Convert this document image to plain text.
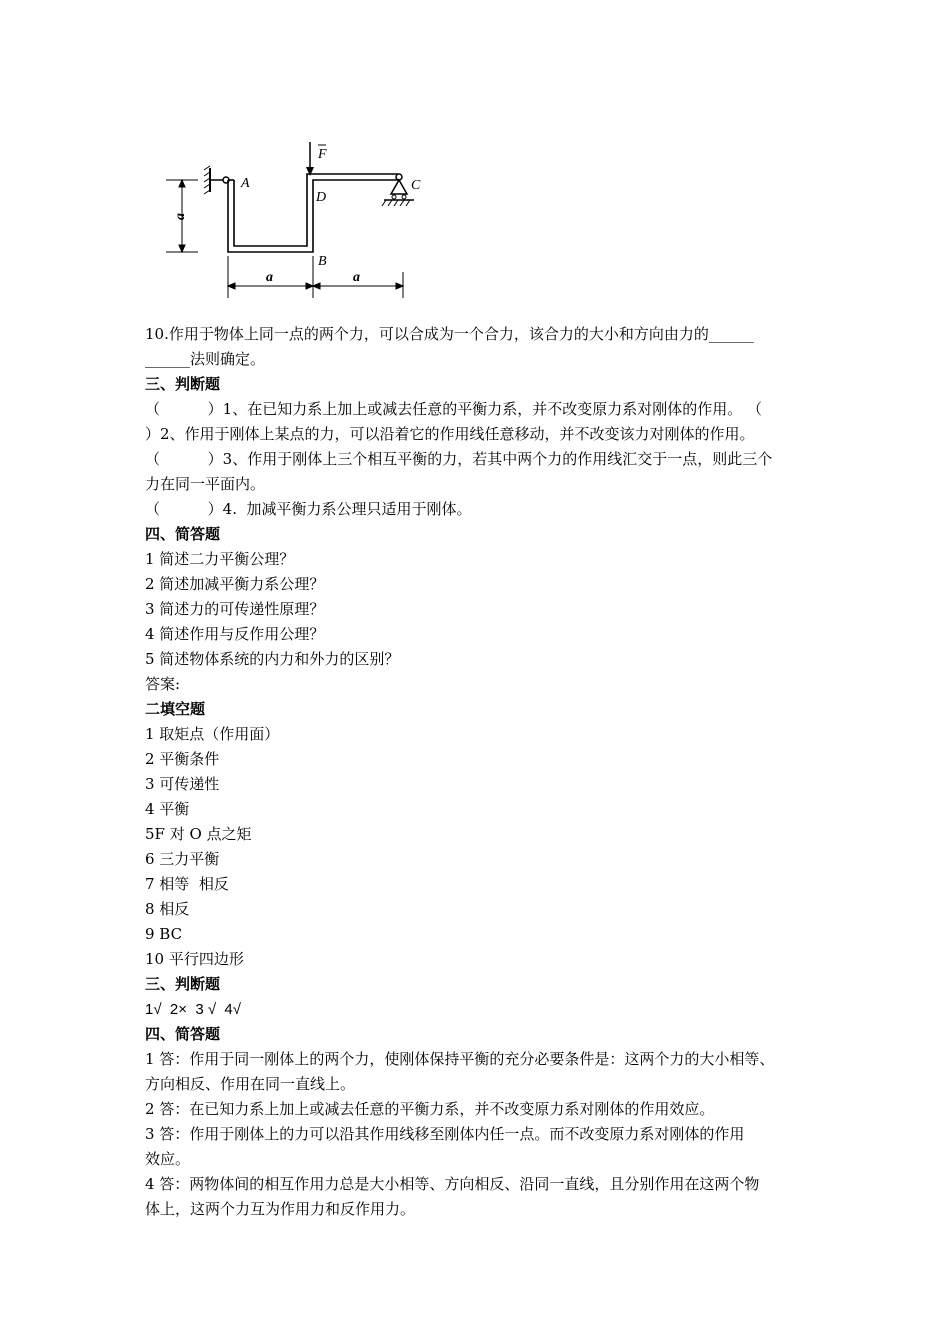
F
A
B
C
D
a
a	a
10.作用于物体上同一点的两个力，可以合成为一个合力，该合力的大小和方向由力的______
______法则确定。
三、判断题
（          ）1、在已知力系上加上或减去任意的平衡力系，并不改变原力系对刚体的作用。 （
）2、作用于刚体上某点的力，可以沿着它的作用线任意移动，并不改变该力对刚体的作用。
（          ）3、作用于刚体上三个相互平衡的力，若其中两个力的作用线汇交于一点，则此三个
力在同一平面内。
（          ）4.  加减平衡力系公理只适用于刚体。
四、简答题
1 简述二力平衡公理？
2 简述加减平衡力系公理？
3 简述力的可传递性原理？
4 简述作用与反作用公理？
5 简述物体系统的内力和外力的区别？
答案:
二填空题
1 取矩点（作用面）
2 平衡条件
3 可传递性
4 平衡
5F 对 O 点之矩
6 三力平衡
7 相等  相反
8 相反
9 BC
10 平行四边形
三、判断题
1√  2×  3 √  4√
四、简答题
1 答：作用于同一刚体上的两个力，使刚体保持平衡的充分必要条件是：这两个力的大小相等、
方向相反、作用在同一直线上。
2 答：在已知力系上加上或减去任意的平衡力系，并不改变原力系对刚体的作用效应。
3 答：作用于刚体上的力可以沿其作用线移至刚体内任一点。而不改变原力系对刚体的作用
效应。
4 答：两物体间的相互作用力总是大小相等、方向相反、沿同一直线，且分别作用在这两个物
体上，这两个力互为作用力和反作用力。
